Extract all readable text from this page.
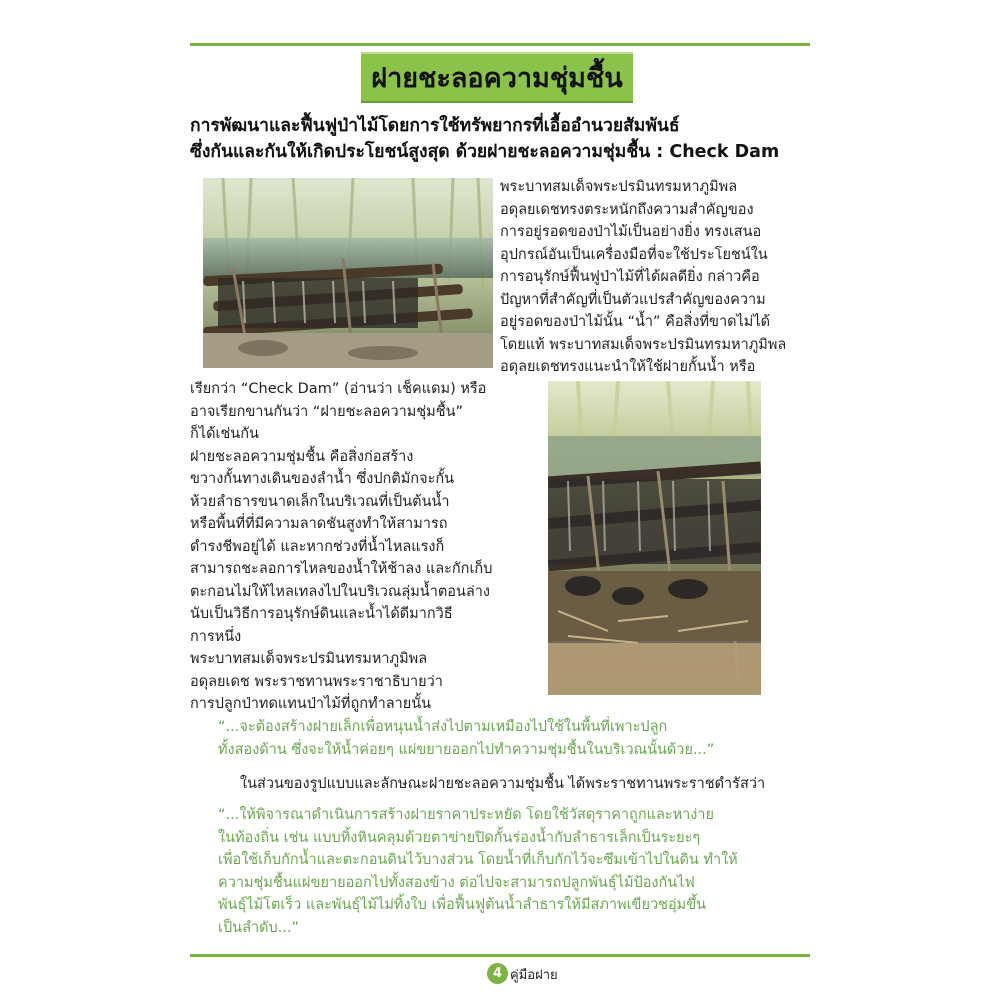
ฝายชะลอความชุ่มชื้น
การพัฒนาและฟื้นฟูป่าไม้โดยการใช้ทรัพยากรที่เอื้ออำนวยสัมพันธ์
ซึ่งกันและกันให้เกิดประโยชน์สูงสุด ด้วยฝายชะลอความชุ่มชื้น : Check Dam
พระบาทสมเด็จพระปรมินทรมหาภูมิพล
อดุลยเดชทรงตระหนักถึงความสำคัญของ
การอยู่รอดของป่าไม้เป็นอย่างยิ่ง ทรงเสนอ
อุปกรณ์อันเป็นเครื่องมือที่จะใช้ประโยชน์ใน
การอนุรักษ์ฟื้นฟูป่าไม้ที่ได้ผลดียิ่ง กล่าวคือ
ปัญหาที่สำคัญที่เป็นตัวแปรสำคัญของความ
อยู่รอดของป่าไม้นั้น “น้ำ” คือสิ่งที่ขาดไม่ได้
โดยแท้ พระบาทสมเด็จพระปรมินทรมหาภูมิพล
อดุลยเดชทรงแนะนำให้ใช้ฝายกั้นน้ำ หรือ
เรียกว่า “Check Dam” (อ่านว่า เช็คแดม) หรือ
อาจเรียกขานกันว่า “ฝายชะลอความชุ่มชื้น”
ก็ได้เช่นกัน
ฝายชะลอความชุ่มชื้น คือสิ่งก่อสร้าง
ขวางกั้นทางเดินของลำน้ำ ซึ่งปกติมักจะกั้น
ห้วยลำธารขนาดเล็กในบริเวณที่เป็นต้นน้ำ
หรือพื้นที่ที่มีความลาดชันสูงทำให้สามารถ
ดำรงชีพอยู่ได้ และหากช่วงที่น้ำไหลแรงก็
สามารถชะลอการไหลของน้ำให้ช้าลง และกักเก็บ
ตะกอนไม่ให้ไหลเทลงไปในบริเวณลุ่มน้ำตอนล่าง
นับเป็นวิธีการอนุรักษ์ดินและน้ำได้ดีมากวิธี
การหนึ่ง
พระบาทสมเด็จพระปรมินทรมหาภูมิพล
อดุลยเดช พระราชทานพระราชาธิบายว่า
การปลูกป่าทดแทนป่าไม้ที่ถูกทำลายนั้น
“...จะต้องสร้างฝายเล็กเพื่อหนุนน้ำส่งไปตามเหมืองไปใช้ในพื้นที่เพาะปลูก
ทั้งสองด้าน ซึ่งจะให้น้ำค่อยๆ แผ่ขยายออกไปทำความชุ่มชื้นในบริเวณนั้นด้วย...”
ในส่วนของรูปแบบและลักษณะฝายชะลอความชุ่มชื้น ได้พระราชทานพระราชดำรัสว่า
“...ให้พิจารณาดำเนินการสร้างฝายราคาประหยัด โดยใช้วัสดุราคาถูกและหาง่าย
ในท้องถิ่น เช่น แบบทิ้งหินคลุมด้วยตาข่ายปิดกั้นร่องน้ำกับลำธารเล็กเป็นระยะๆ
เพื่อใช้เก็บกักน้ำและตะกอนดินไว้บางส่วน โดยน้ำที่เก็บกักไว้จะซึมเข้าไปในดิน ทำให้
ความชุ่มชื้นแผ่ขยายออกไปทั้งสองข้าง ต่อไปจะสามารถปลูกพันธุ์ไม้ป้องกันไฟ
พันธุ์ไม้โตเร็ว และพันธุ์ไม้ไม่ทิ้งใบ เพื่อฟื้นฟูต้นน้ำลำธารให้มีสภาพเขียวชอุ่มขึ้น
เป็นลำดับ...”
4 คู่มือฝาย
